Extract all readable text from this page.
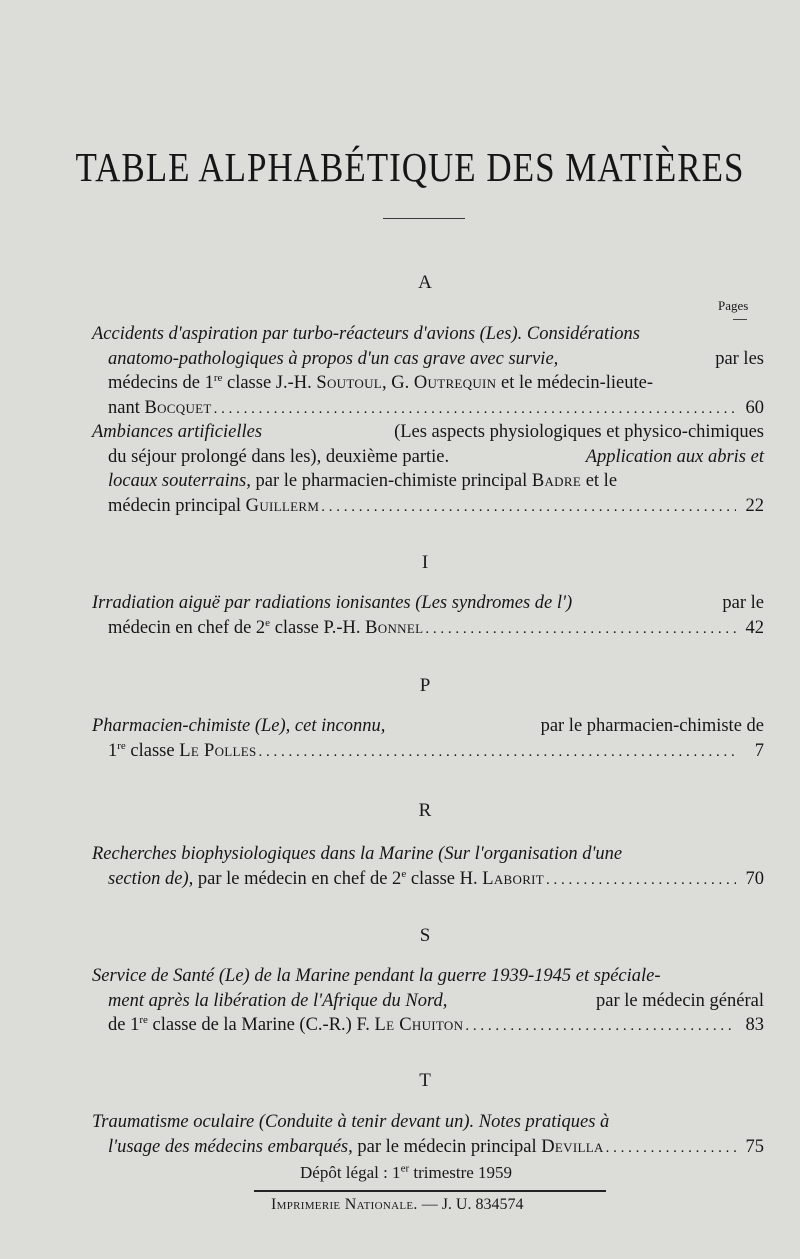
TABLE ALPHABÉTIQUE DES MATIÈRES
A
Pages
Accidents d'aspiration par turbo-réacteurs d'avions (Les). Considérations
anatomo-pathologiques à propos d'un cas grave avec survie,	par les
médecins de 1re classe J.-H. Soutoul, G. Outrequin et le médecin-lieute-
nant Bocquet . . .	60
Ambiances artificielles	(Les aspects physiologiques et physico-chimiques
du séjour prolongé dans les), deuxième partie.	Application aux abris et
locaux souterrains, par le pharmacien-chimiste principal Badre et le
médecin principal Guillerm . . .	22
I
Irradiation aiguë par radiations ionisantes (Les syndromes de l')	par le
médecin en chef de 2e classe P.-H. Bonnel . . .	42
P
Pharmacien-chimiste (Le), cet inconnu,	par le pharmacien-chimiste de
1re classe Le Polles . . .	7
R
Recherches biophysiologiques dans la Marine (Sur l'organisation d'une
section de), par le médecin en chef de 2e classe H. Laborit . . .	70
S
Service de Santé (Le) de la Marine pendant la guerre 1939-1945 et spéciale-
ment après la libération de l'Afrique du Nord,	par le médecin général
de 1re classe de la Marine (C.-R.) F. Le Chuiton . . .	83
T
Traumatisme oculaire (Conduite à tenir devant un). Notes pratiques à
l'usage des médecins embarqués, par le médecin principal Devilla . . .	75
Dépôt légal : 1er trimestre 1959
Imprimerie Nationale. — J. U. 834574
